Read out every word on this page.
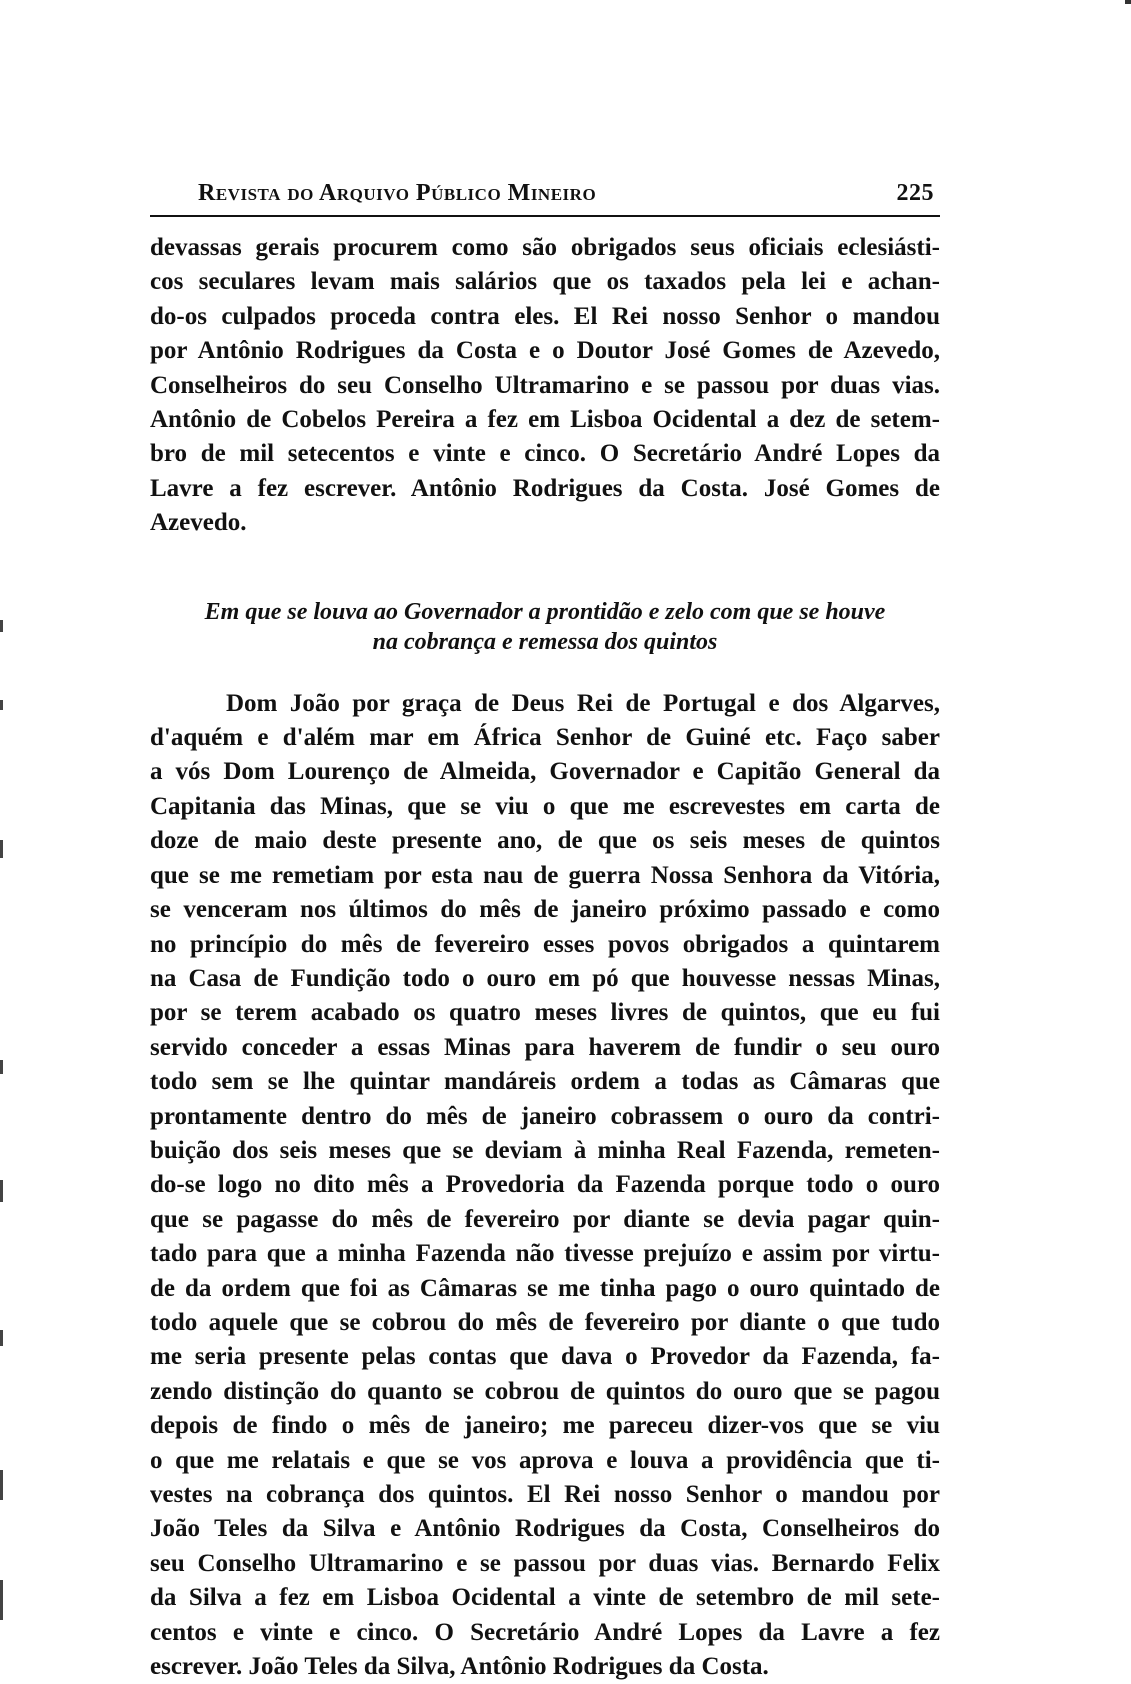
Revista do Arquivo Público Mineiro	225
devassas gerais procurem como são obrigados seus oficiais eclesiásti-
cos seculares levam mais salários que os taxados pela lei e achan-
do-os culpados proceda contra eles. El Rei nosso Senhor o mandou
por Antônio Rodrigues da Costa e o Doutor José Gomes de Azevedo,
Conselheiros do seu Conselho Ultramarino e se passou por duas vias.
Antônio de Cobelos Pereira a fez em Lisboa Ocidental a dez de setem-
bro de mil setecentos e vinte e cinco. O Secretário André Lopes da
Lavre a fez escrever. Antônio Rodrigues da Costa. José Gomes de
Azevedo.
Em que se louva ao Governador a prontidão e zelo com que se houve
na cobrança e remessa dos quintos
Dom João por graça de Deus Rei de Portugal e dos Algarves,
d'aquém e d'além mar em África Senhor de Guiné etc. Faço saber
a vós Dom Lourenço de Almeida, Governador e Capitão General da
Capitania das Minas, que se viu o que me escrevestes em carta de
doze de maio deste presente ano, de que os seis meses de quintos
que se me remetiam por esta nau de guerra Nossa Senhora da Vitória,
se venceram nos últimos do mês de janeiro próximo passado e como
no princípio do mês de fevereiro esses povos obrigados a quintarem
na Casa de Fundição todo o ouro em pó que houvesse nessas Minas,
por se terem acabado os quatro meses livres de quintos, que eu fui
servido conceder a essas Minas para haverem de fundir o seu ouro
todo sem se lhe quintar mandáreis ordem a todas as Câmaras que
prontamente dentro do mês de janeiro cobrassem o ouro da contri-
buição dos seis meses que se deviam à minha Real Fazenda, remeten-
do-se logo no dito mês a Provedoria da Fazenda porque todo o ouro
que se pagasse do mês de fevereiro por diante se devia pagar quin-
tado para que a minha Fazenda não tivesse prejuízo e assim por virtu-
de da ordem que foi as Câmaras se me tinha pago o ouro quintado de
todo aquele que se cobrou do mês de fevereiro por diante o que tudo
me seria presente pelas contas que dava o Provedor da Fazenda, fa-
zendo distinção do quanto se cobrou de quintos do ouro que se pagou
depois de findo o mês de janeiro; me pareceu dizer-vos que se viu
o que me relatais e que se vos aprova e louva a providência que ti-
vestes na cobrança dos quintos. El Rei nosso Senhor o mandou por
João Teles da Silva e Antônio Rodrigues da Costa, Conselheiros do
seu Conselho Ultramarino e se passou por duas vias. Bernardo Felix
da Silva a fez em Lisboa Ocidental a vinte de setembro de mil sete-
centos e vinte e cinco. O Secretário André Lopes da Lavre a fez
escrever. João Teles da Silva, Antônio Rodrigues da Costa.
